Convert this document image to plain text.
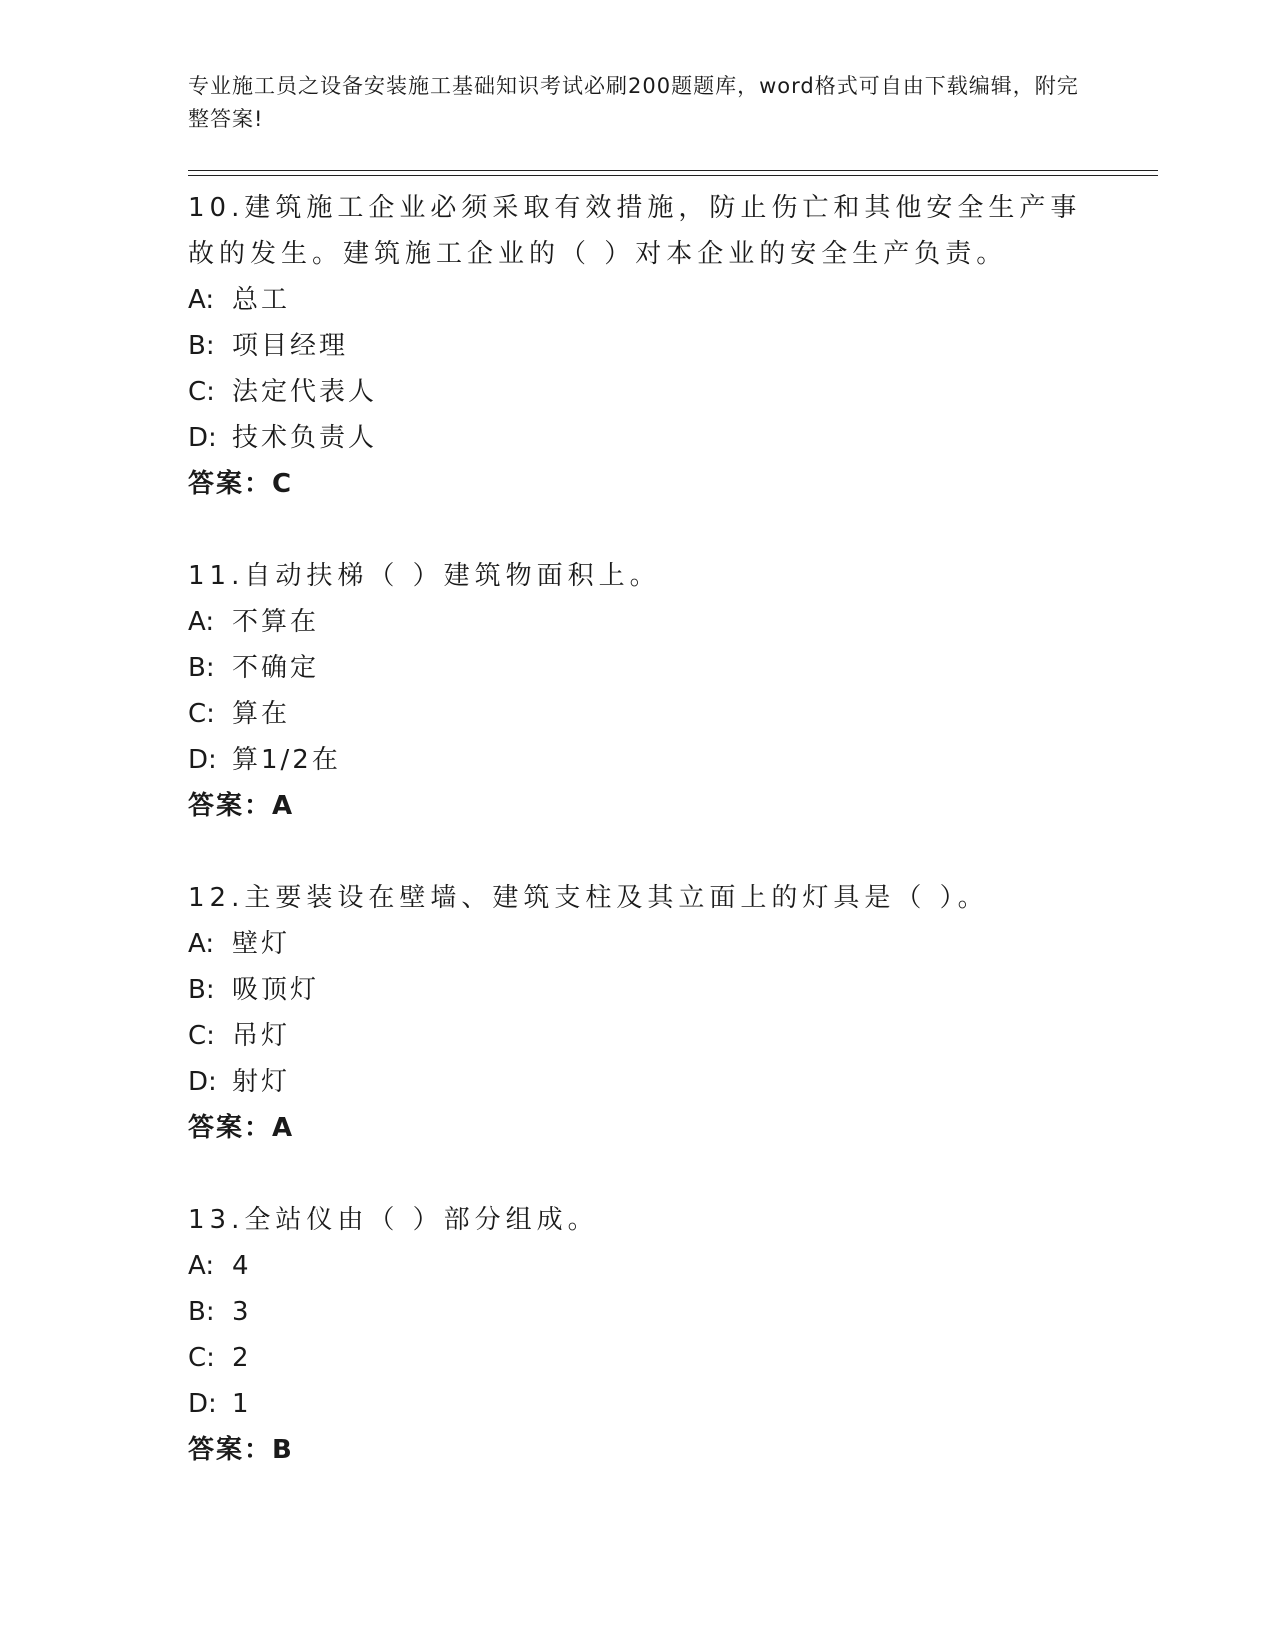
专业施工员之设备安装施工基础知识考试必刷200题题库，word格式可自由下载编辑，附完整答案!

10.建筑施工企业必须采取有效措施，防止伤亡和其他安全生产事故的发生。建筑施工企业的（ ）对本企业的安全生产负责。

A: 总工

B: 项目经理

C: 法定代表人

D: 技术负责人

答案：C

11.自动扶梯（ ）建筑物面积上。

A: 不算在

B: 不确定

C: 算在

D: 算1/2在

答案：A

12.主要装设在壁墙、建筑支柱及其立面上的灯具是（ ）。

A: 壁灯

B: 吸顶灯

C: 吊灯

D: 射灯

答案：A

13.全站仪由（ ）部分组成。

A: 4

B: 3

C: 2

D: 1

答案：B
